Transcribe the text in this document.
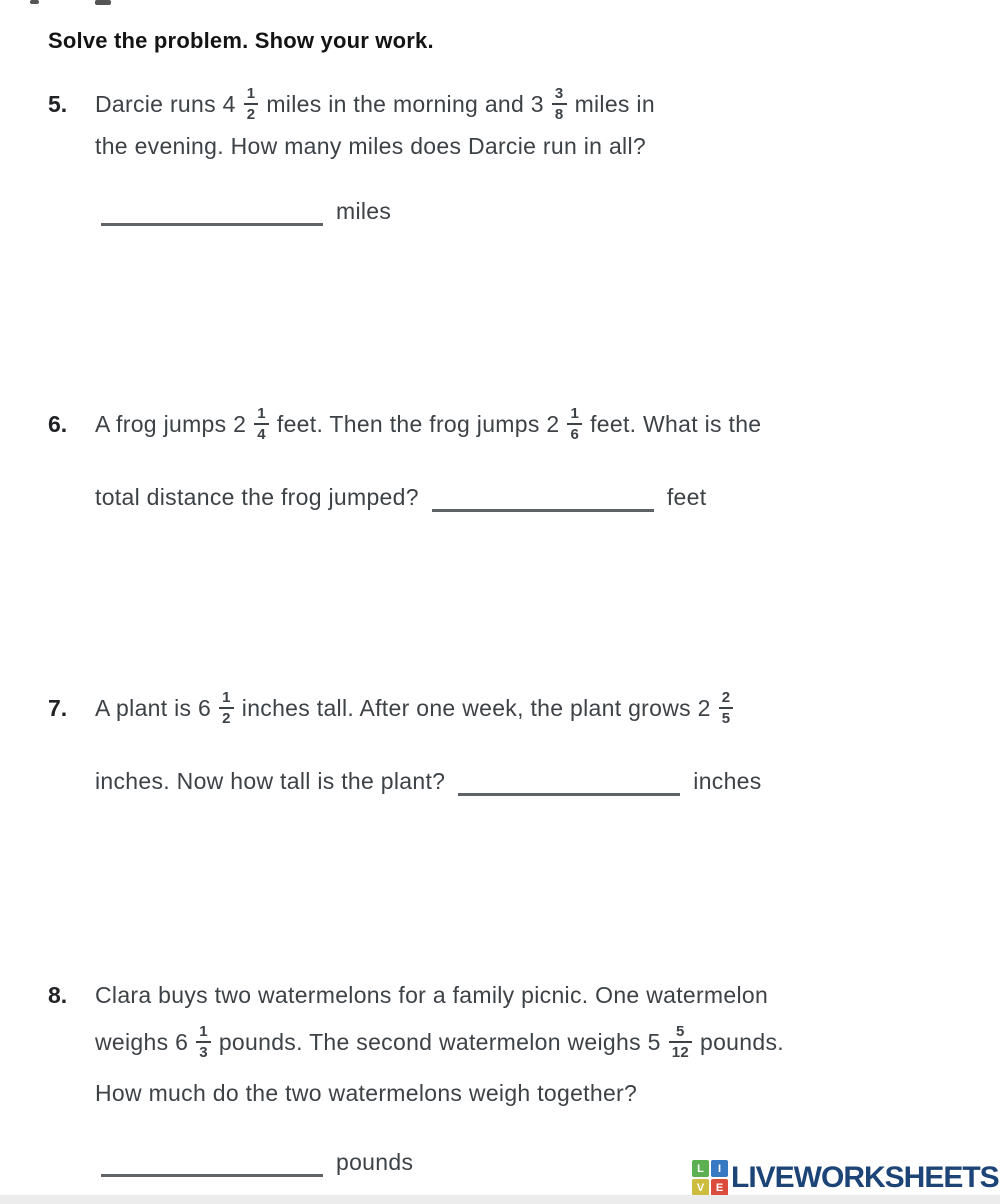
Solve the problem. Show your work.
5.	Darcie runs $4 \frac{1}{2}$ miles in the morning and $3 \frac{3}{8}$ miles in
the evening. How many miles does Darcie run in all?
miles
6.	A frog jumps $2 \frac{1}{4}$ feet. Then the frog jumps $2 \frac{1}{6}$ feet. What is the
total distance the frog jumped?	feet
7.	A plant is $6 \frac{1}{2}$ inches tall. After one week, the plant grows $2 \frac{2}{5}$
inches. Now how tall is the plant?	inches
8.	Clara buys two watermelons for a family picnic. One watermelon
weighs $6 \frac{1}{3}$ pounds. The second watermelon weighs $5 \frac{5}{12}$ pounds.
How much do the two watermelons weigh together?
pounds	L	I
V	E LIVEWORKSHEETS
